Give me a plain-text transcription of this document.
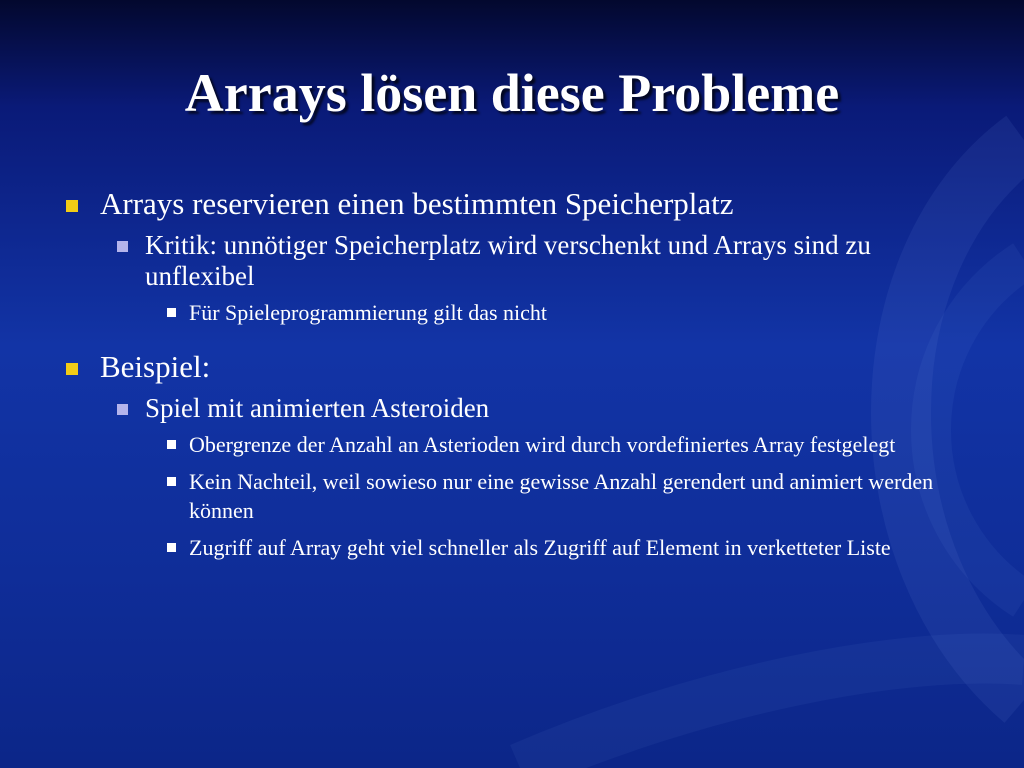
Arrays lösen diese Probleme
Arrays reservieren einen bestimmten Speicherplatz
Kritik: unnötiger Speicherplatz wird verschenkt und Arrays sind zu unflexibel
Für Spieleprogrammierung gilt das nicht
Beispiel:
Spiel mit animierten Asteroiden
Obergrenze der Anzahl an Asterioden wird durch vordefiniertes Array festgelegt
Kein Nachteil, weil sowieso nur eine gewisse Anzahl gerendert und animiert werden können
Zugriff auf Array geht viel schneller als Zugriff auf Element in verketteter Liste
